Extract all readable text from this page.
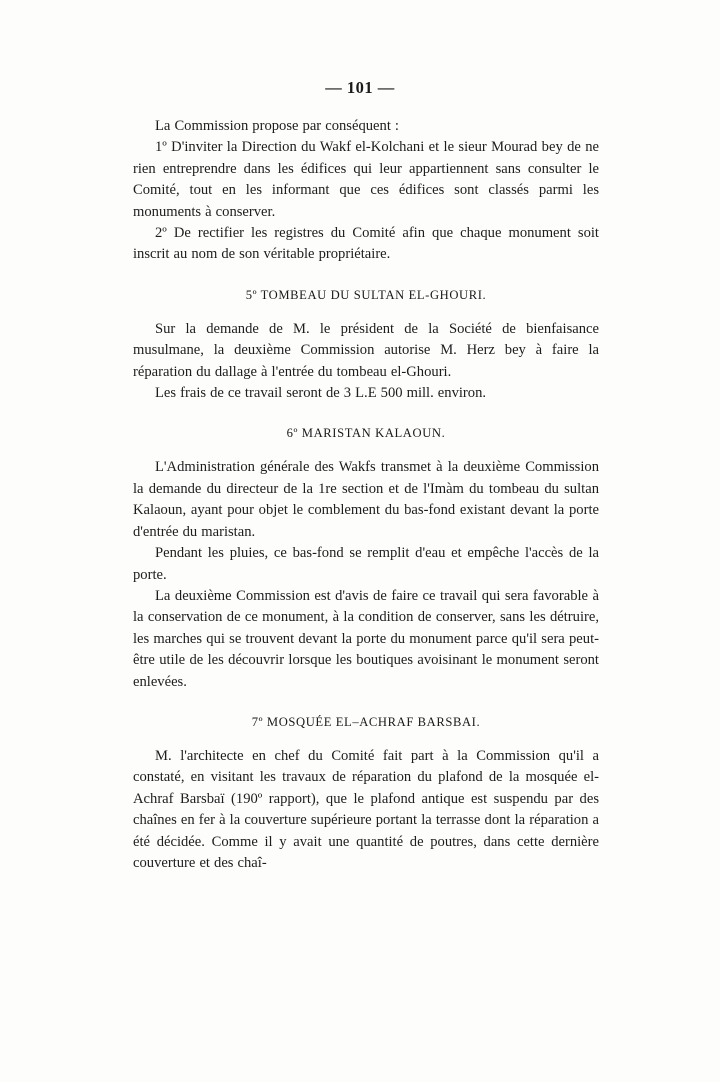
— 101 —

La Commission propose par conséquent :

1º D'inviter la Direction du Wakf el-Kolchani et le sieur Mourad bey de ne rien entreprendre dans les édifices qui leur appartiennent sans consulter le Comité, tout en les informant que ces édifices sont classés parmi les monuments à conserver.

2º De rectifier les registres du Comité afin que chaque monument soit inscrit au nom de son véritable propriétaire.

5º TOMBEAU DU SULTAN EL-GHOURI.

Sur la demande de M. le président de la Société de bienfaisance musulmane, la deuxième Commission autorise M. Herz bey à faire la réparation du dallage à l'entrée du tombeau el-Ghouri.

Les frais de ce travail seront de 3 L.E 500 mill. environ.

6º MARISTAN KALAOUN.

L'Administration générale des Wakfs transmet à la deuxième Commission la demande du directeur de la 1re section et de l'Imàm du tombeau du sultan Kalaoun, ayant pour objet le comblement du bas-fond existant devant la porte d'entrée du maristan.

Pendant les pluies, ce bas-fond se remplit d'eau et empêche l'accès de la porte.

La deuxième Commission est d'avis de faire ce travail qui sera favorable à la conservation de ce monument, à la condition de conserver, sans les détruire, les marches qui se trouvent devant la porte du monument parce qu'il sera peut-être utile de les découvrir lorsque les boutiques avoisinant le monument seront enlevées.

7º MOSQUÉE EL–ACHRAF BARSBAI.

M. l'architecte en chef du Comité fait part à la Commission qu'il a constaté, en visitant les travaux de réparation du plafond de la mosquée el-Achraf Barsbaï (190º rapport), que le plafond antique est suspendu par des chaînes en fer à la couverture supérieure portant la terrasse dont la réparation a été décidée. Comme il y avait une quantité de poutres, dans cette dernière couverture et des chaî-
